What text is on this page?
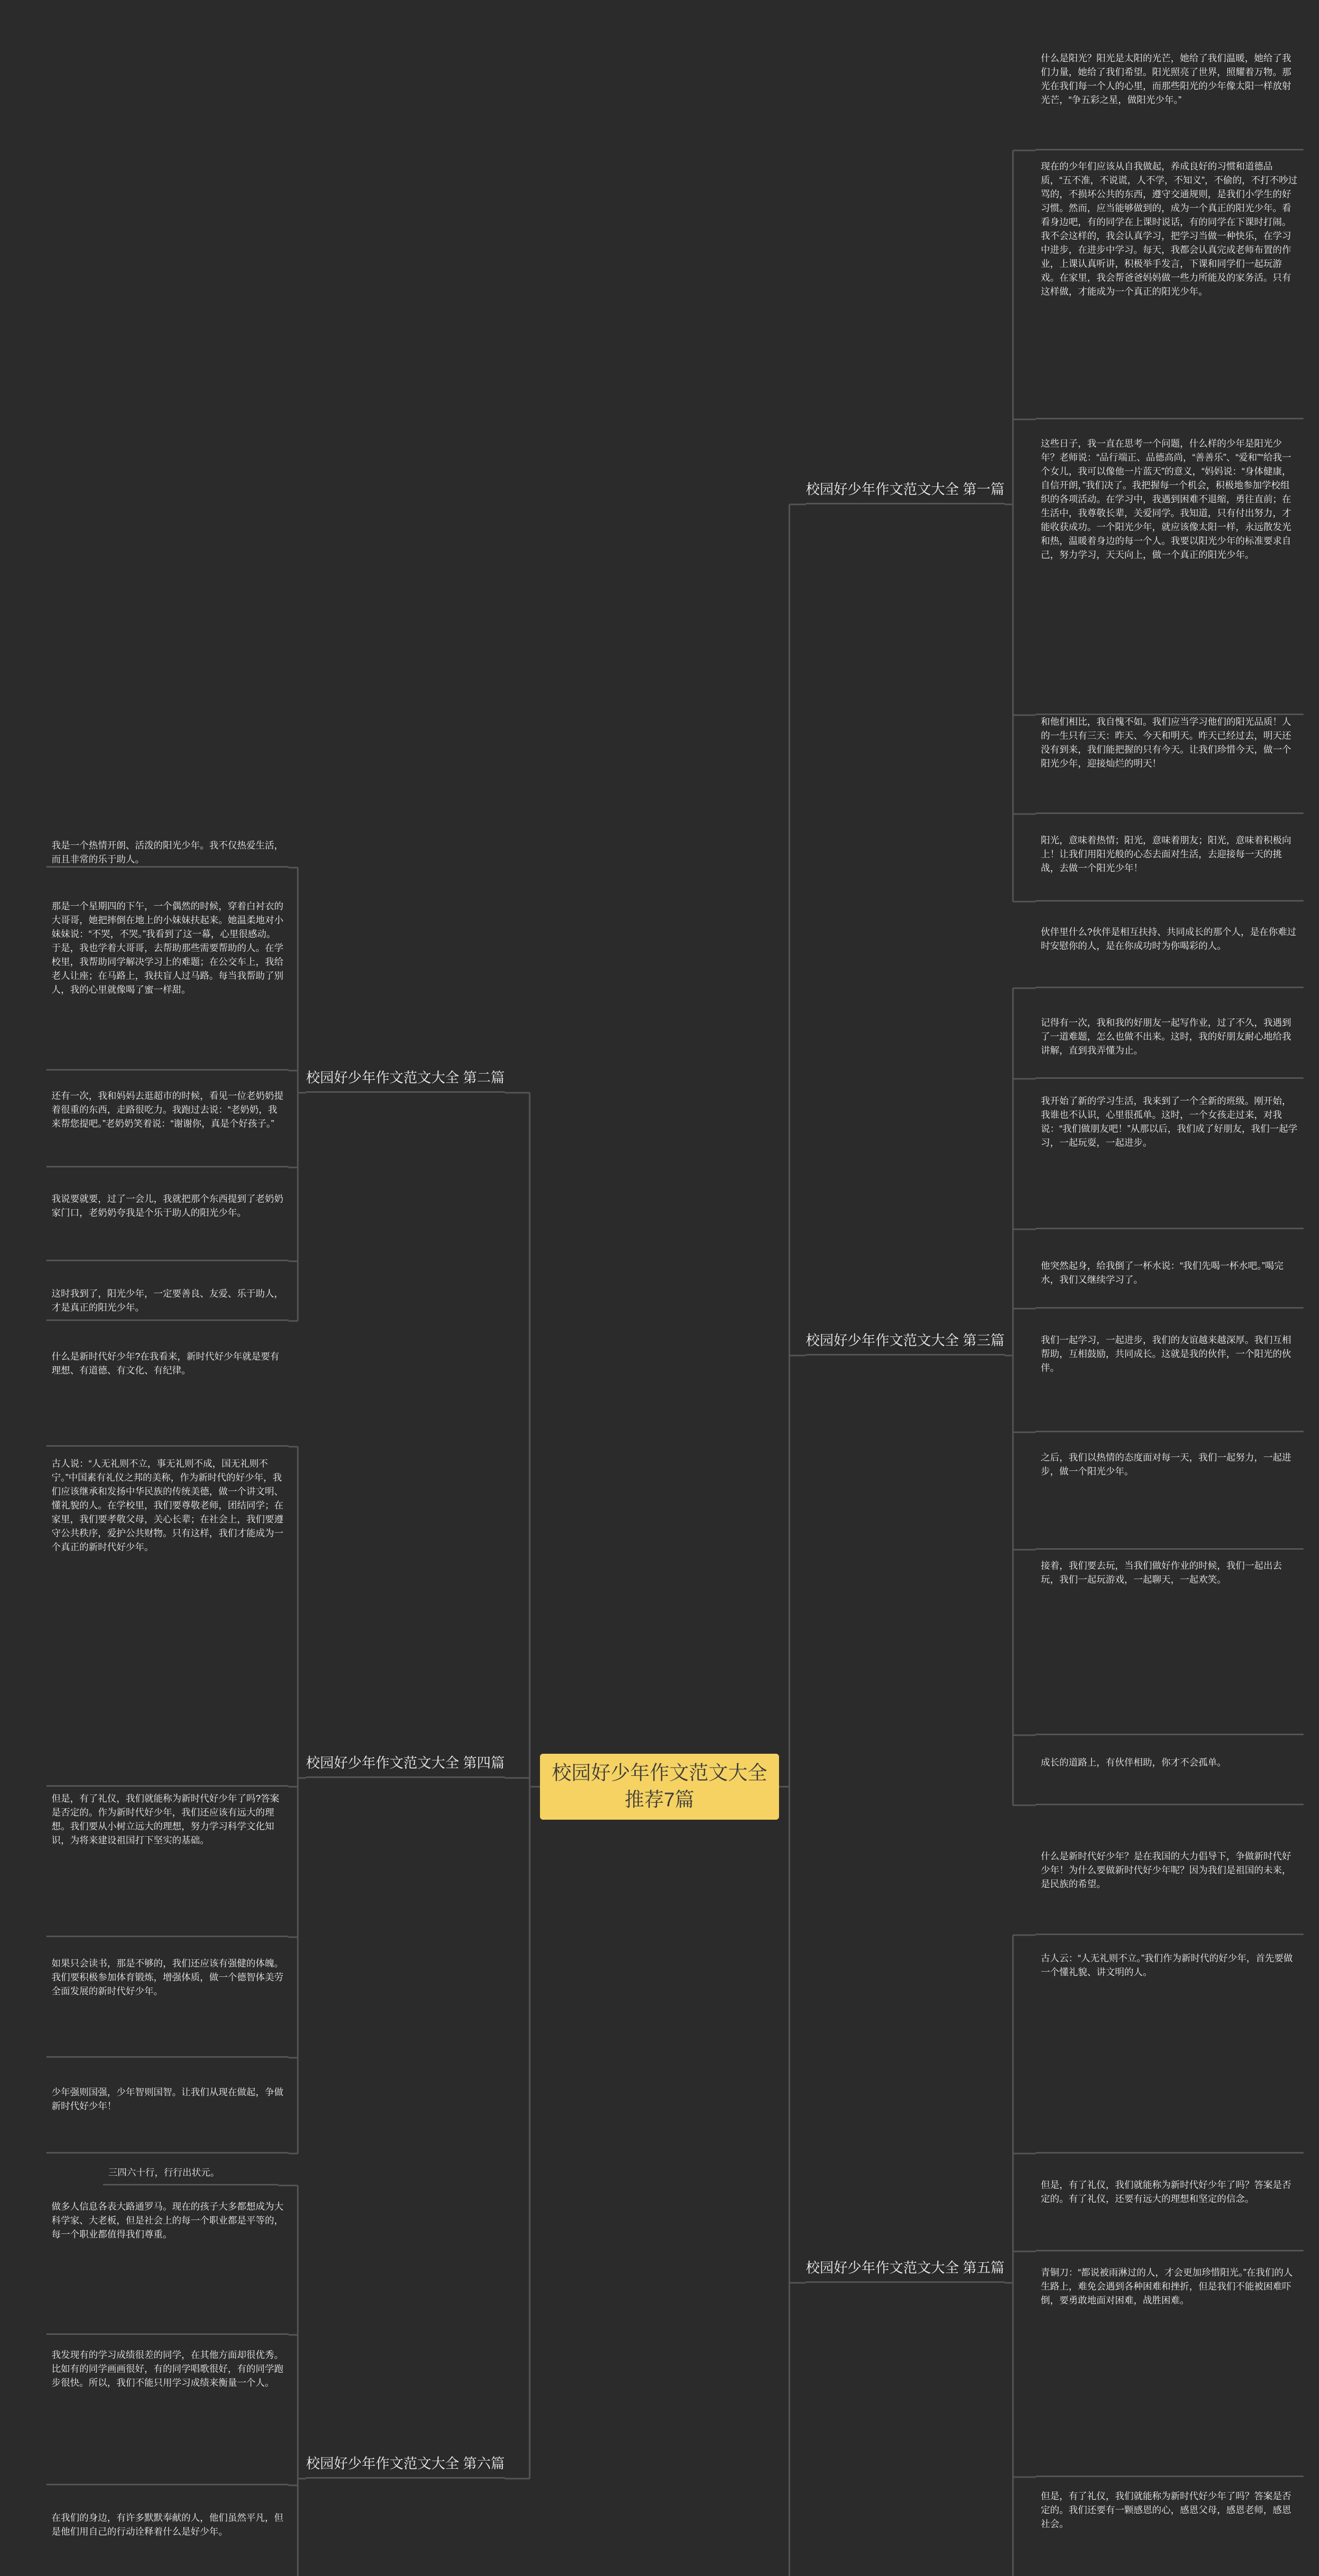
校园好少年作文范文大全推荐7篇
校园好少年作文范文大全 第一篇
什么是阳光？阳光是太阳的光芒，她给了我们温暖，她给了我们力量，她给了我们希望。阳光照亮了世界，照耀着万物。那光在我们每一个人的心里，而那些阳光的少年像太阳一样放射光芒，“争五彩之星，做阳光少年。”
现在的少年们应该从自我做起，养成良好的习惯和道德品质，“五不准，不说谎，人不学，不知义”，不偷的，不打不吵过骂的，不损坏公共的东西，遵守交通规则，是我们小学生的好习惯。然而，应当能够做到的，成为一个真正的阳光少年。看看身边吧，有的同学在上课时说话，有的同学在下课时打闹。我不会这样的，我会认真学习，把学习当做一种快乐，在学习中进步，在进步中学习。每天，我都会认真完成老师布置的作业，上课认真听讲，积极举手发言，下课和同学们一起玩游戏。在家里，我会帮爸爸妈妈做一些力所能及的家务活。只有这样做，才能成为一个真正的阳光少年。
这些日子，我一直在思考一个问题，什么样的少年是阳光少年？老师说：“品行端正、品德高尚，“善善乐”、“爱和”“给我一个女儿，我可以像他一片蓝天”的意义，“妈妈说：“身体健康，自信开朗，”我们决了。我把握每一个机会，积极地参加学校组织的各项活动。在学习中，我遇到困难不退缩，勇往直前；在生活中，我尊敬长辈，关爱同学。我知道，只有付出努力，才能收获成功。一个阳光少年，就应该像太阳一样，永远散发光和热，温暖着身边的每一个人。我要以阳光少年的标准要求自己，努力学习，天天向上，做一个真正的阳光少年。
和他们相比，我自愧不如。我们应当学习他们的阳光品质！人的一生只有三天：昨天、今天和明天。昨天已经过去，明天还没有到来，我们能把握的只有今天。让我们珍惜今天，做一个阳光少年，迎接灿烂的明天！
阳光，意味着热情；阳光，意味着朋友；阳光，意味着积极向上！让我们用阳光般的心态去面对生活，去迎接每一天的挑战，去做一个阳光少年！
校园好少年作文范文大全 第二篇
我是一个热情开朗、活泼的阳光少年。我不仅热爱生活，而且非常的乐于助人。
那是一个星期四的下午，一个偶然的时候，穿着白衬衣的大哥哥，她把摔倒在地上的小妹妹扶起来。她温柔地对小妹妹说：“不哭，不哭。”我看到了这一幕，心里很感动。于是，我也学着大哥哥，去帮助那些需要帮助的人。在学校里，我帮助同学解决学习上的难题；在公交车上，我给老人让座；在马路上，我扶盲人过马路。每当我帮助了别人，我的心里就像喝了蜜一样甜。
还有一次，我和妈妈去逛超市的时候，看见一位老奶奶提着很重的东西，走路很吃力。我跑过去说：“老奶奶，我来帮您提吧。”老奶奶笑着说：“谢谢你，真是个好孩子。”
我说要就要，过了一会儿，我就把那个东西提到了老奶奶家门口，老奶奶夸我是个乐于助人的阳光少年。
这时我到了，阳光少年，一定要善良、友爱、乐于助人，才是真正的阳光少年。
校园好少年作文范文大全 第三篇
伙伴里什么?伙伴是相互扶持、共同成长的那个人，是在你难过时安慰你的人，是在你成功时为你喝彩的人。
记得有一次，我和我的好朋友一起写作业，过了不久，我遇到了一道难题，怎么也做不出来。这时，我的好朋友耐心地给我讲解，直到我弄懂为止。
我开始了新的学习生活，我来到了一个全新的班级。刚开始，我谁也不认识，心里很孤单。这时，一个女孩走过来，对我说：“我们做朋友吧！”从那以后，我们成了好朋友，我们一起学习，一起玩耍，一起进步。
他突然起身，给我倒了一杯水说：“我们先喝一杯水吧。”喝完水，我们又继续学习了。
我们一起学习，一起进步，我们的友谊越来越深厚。我们互相帮助，互相鼓励，共同成长。这就是我的伙伴，一个阳光的伙伴。
之后，我们以热情的态度面对每一天，我们一起努力，一起进步，做一个阳光少年。
接着，我们要去玩，当我们做好作业的时候，我们一起出去玩，我们一起玩游戏，一起聊天，一起欢笑。
成长的道路上，有伙伴相助，你才不会孤单。
校园好少年作文范文大全 第四篇
什么是新时代好少年?在我看来，新时代好少年就是要有理想、有道德、有文化、有纪律。
古人说：“人无礼则不立，事无礼则不成，国无礼则不宁。”中国素有礼仪之邦的美称，作为新时代的好少年，我们应该继承和发扬中华民族的传统美德，做一个讲文明、懂礼貌的人。在学校里，我们要尊敬老师，团结同学；在家里，我们要孝敬父母，关心长辈；在社会上，我们要遵守公共秩序，爱护公共财物。只有这样，我们才能成为一个真正的新时代好少年。
但是，有了礼仪，我们就能称为新时代好少年了吗?答案是否定的。作为新时代好少年，我们还应该有远大的理想。我们要从小树立远大的理想，努力学习科学文化知识，为将来建设祖国打下坚实的基础。
如果只会读书，那是不够的，我们还应该有强健的体魄。我们要积极参加体育锻炼，增强体质，做一个德智体美劳全面发展的新时代好少年。
少年强则国强，少年智则国智。让我们从现在做起，争做新时代好少年！
校园好少年作文范文大全 第五篇
什么是新时代好少年？是在我国的大力倡导下，争做新时代好少年！为什么要做新时代好少年呢？因为我们是祖国的未来，是民族的希望。
古人云：“人无礼则不立。”我们作为新时代的好少年，首先要做一个懂礼貌、讲文明的人。
但是，有了礼仪，我们就能称为新时代好少年了吗？答案是否定的。有了礼仪，还要有远大的理想和坚定的信念。
青铜刀：“都说被雨淋过的人，才会更加珍惜阳光。”在我们的人生路上，难免会遇到各种困难和挫折，但是我们不能被困难吓倒，要勇敢地面对困难，战胜困难。
但是，有了礼仪，我们就能称为新时代好少年了吗？答案是否定的。我们还要有一颗感恩的心，感恩父母，感恩老师，感恩社会。
校园好少年作文范文大全 第六篇
三四六十行，行行出状元。
做多人信息各表大路通罗马。现在的孩子大多都想成为大科学家、大老板，但是社会上的每一个职业都是平等的，每一个职业都值得我们尊重。
我发现有的学习成绩很差的同学，在其他方面却很优秀。比如有的同学画画很好，有的同学唱歌很好，有的同学跑步很快。所以，我们不能只用学习成绩来衡量一个人。
在我们的身边，有许多默默奉献的人，他们虽然平凡，但是他们用自己的行动诠释着什么是好少年。
